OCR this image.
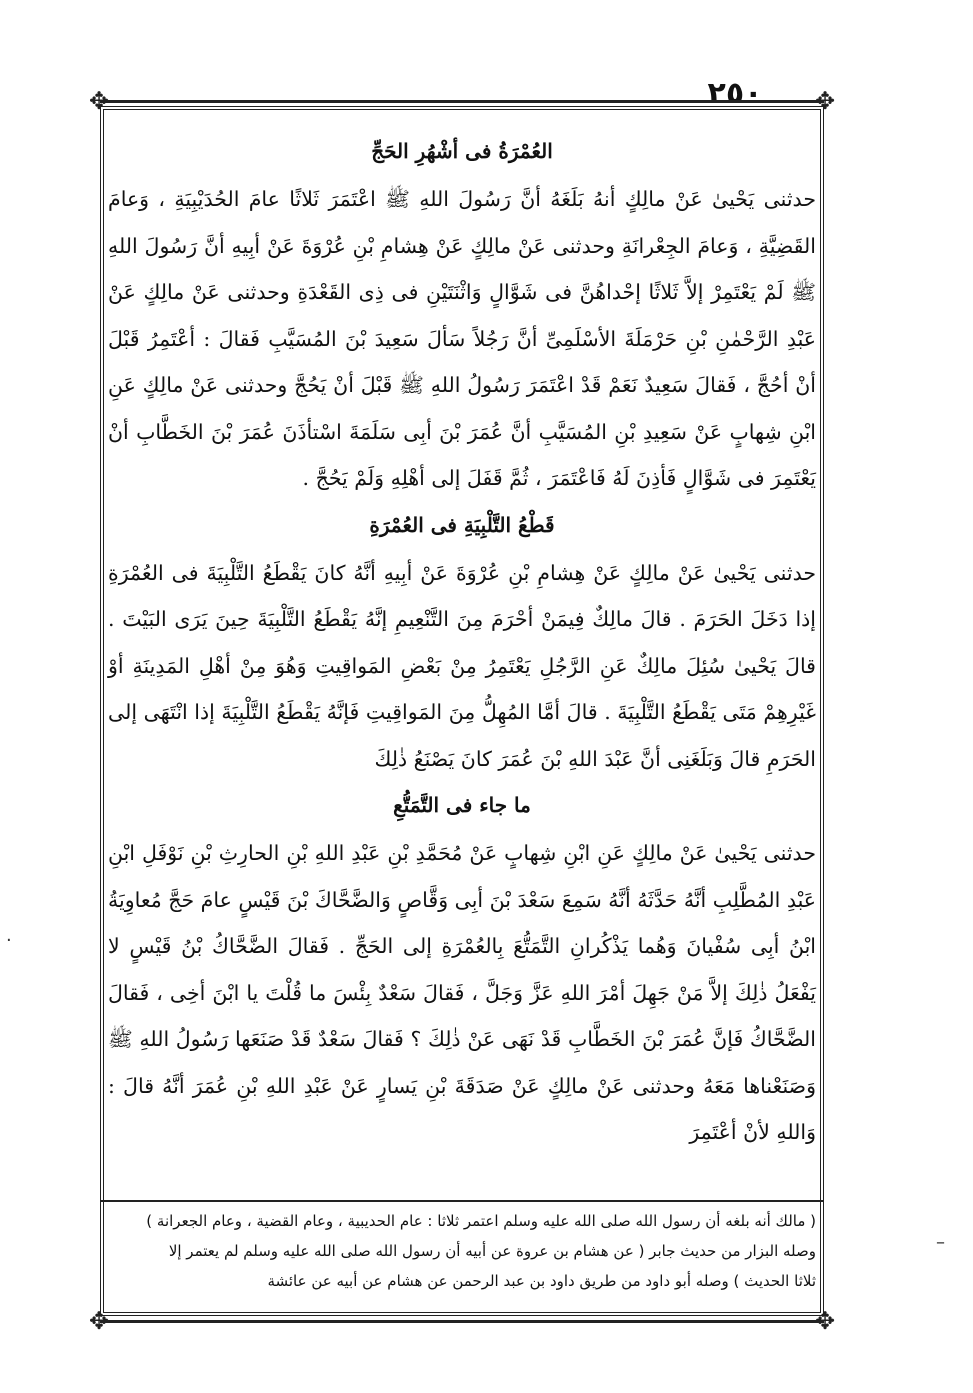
٢٥٠
✥	✥
✥	✥
–
·
العُمْرَةُ فى أشْهُرِ الحَجِّ

حدثنى يَحْيىٰ عَنْ مالِكٍ أنهُ بَلَغَهُ أنَّ رَسُولَ اللهِ ﷺ اعْتَمَرَ ثَلاثًا عامَ الحُدَيْبِيَةِ ، وَعامَ القَضِيَّةِ ، وَعامَ الجِعْرانَةِ وحدثنى عَنْ مالِكٍ عَنْ هِشامِ بْنِ عُرْوَةَ عَنْ أبِيهِ أنَّ رَسُولَ اللهِ ﷺ لَمْ يَعْتَمِرْ إلاَّ ثَلاثًا إحْداهُنَّ فى شَوَّالٍ وَاثْنَتَيْنِ فى ذِى القَعْدَةِ وحدثنى عَنْ مالِكٍ عَنْ عَبْدِ الرَّحْمٰنِ بْنِ حَرْمَلَةَ الأسْلَمِىِّ أنَّ رَجُلاً سَألَ سَعِيدَ بْنَ المُسَيَّبِ فَقالَ : أعْتَمِرُ قَبْلَ أنْ أحُجَّ ، فَقالَ سَعِيدٌ نَعَمْ قَدْ اعْتَمَرَ رَسُولُ اللهِ ﷺ قَبْلَ أنْ يَحُجَّ وحدثنى عَنْ مالِكٍ عَنِ ابْنِ شِهابٍ عَنْ سَعِيدِ بْنِ المُسَيَّبِ أنَّ عُمَرَ بْنَ أبِى سَلَمَةَ اسْتأذَنَ عُمَرَ بْنَ الخَطَّابِ أنْ يَعْتَمِرَ فى شَوَّالٍ فَأذِنَ لَهُ فَاعْتَمَرَ ، ثُمَّ قَفَلَ إلى أهْلِهِ وَلَمْ يَحُجَّ .

قَطْعُ التَّلْبِيَةِ فى العُمْرَةِ

حدثنى يَحْيىٰ عَنْ مالِكٍ عَنْ هِشامِ بْنِ عُرْوَةَ عَنْ أبِيهِ أنَّهُ كانَ يَقْطَعُ التَّلْبِيَةَ فى العُمْرَةِ إذا دَخَلَ الحَرَمَ . قالَ مالِكٌ فِيمَنْ أحْرَمَ مِنَ التَّنْعِيمِ إنَّهُ يَقْطَعُ التَّلْبِيَةَ حِينَ يَرَى البَيْتَ . قالَ يَحْيىٰ سُئِلَ مالِكٌ عَنِ الرَّجُلِ يَعْتَمِرُ مِنْ بَعْضِ المَواقِيتِ وَهُوَ مِنْ أهْلِ المَدِينَةِ أوْ غَيْرِهِمْ مَتَى يَقْطَعُ التَّلْبِيَةَ . قالَ أمَّا المُهِلُّ مِنَ المَواقِيتِ فَإنَّهُ يَقْطَعُ التَّلْبِيَةَ إذا انْتَهَى إلى الحَرَمِ قالَ وَبَلَغَنِى أنَّ عَبْدَ اللهِ بْنَ عُمَرَ كانَ يَصْنَعُ ذٰلِكَ

ما جاء فى التَّمَتُّعِ

حدثنى يَحْيىٰ عَنْ مالِكٍ عَنِ ابْنِ شِهابٍ عَنْ مُحَمَّدِ بْنِ عَبْدِ اللهِ بْنِ الحارِثِ بْنِ نَوْفَلِ ابْنِ عَبْدِ المُطَّلِبِ أنَّهُ حَدَّثَهُ أنَّهُ سَمِعَ سَعْدَ بْنَ أبِى وَقَّاصٍ وَالضَّحَّاكَ بْنَ قَيْسٍ عامَ حَجَّ مُعاوِيَةُ ابْنُ أبِى سُفْيانَ وَهُما يَذْكُرانِ التَّمَتُّعَ بِالعُمْرَةِ إلى الحَجِّ . فَقالَ الضَّحَّاكُ بْنُ قَيْسٍ لا يَفْعَلُ ذٰلِكَ إلاَّ مَنْ جَهِلَ أمْرَ اللهِ عَزَّ وَجَلَّ ، فَقالَ سَعْدٌ بِئْسَ ما قُلْتَ يا ابْنَ أخِى ، فَقالَ الضَّحَّاكُ فَإنَّ عُمَرَ بْنَ الخَطَّابِ قَدْ نَهَى عَنْ ذٰلِكَ ؟ فَقالَ سَعْدٌ قَدْ صَنَعَها رَسُولُ اللهِ ﷺ وَصَنَعْناها مَعَهُ وحدثنى عَنْ مالِكٍ عَنْ صَدَقَةَ بْنِ يَسارٍ عَنْ عَبْدِ اللهِ بْنِ عُمَرَ أنَّهُ قالَ : وَاللهِ لأنْ أعْتَمِرَ

( مالك أنه بلغه أن رسول الله صلى الله عليه وسلم اعتمر ثلاثا : عام الحديبية ، وعام القضية ، وعام الجعرانة )
وصله البزار من حديث جابر ( عن هشام بن عروة عن أبيه أن رسول الله صلى الله عليه وسلم لم يعتمر إلا
ثلاثا الحديث ) وصله أبو داود من طريق داود بن عبد الرحمن عن هشام عن أبيه عن عائشة
